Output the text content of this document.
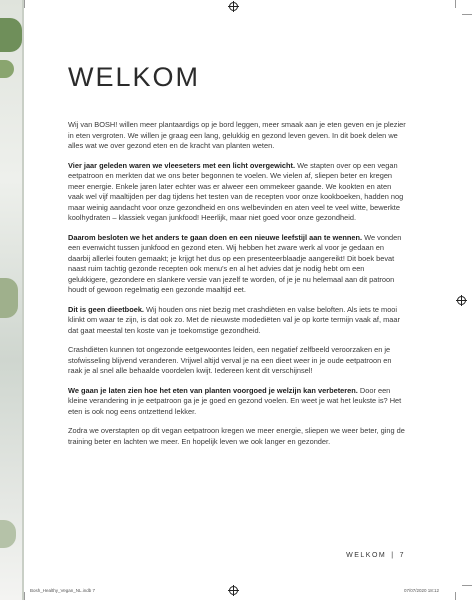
WELKOM

Wij van BOSH! willen meer plantaardigs op je bord leggen, meer smaak aan je eten geven en je plezier in eten vergroten. We willen je graag een lang, gelukkig en gezond leven geven. In dit boek delen we alles wat we over gezond eten en de kracht van planten weten.

Vier jaar geleden waren we vleeseters met een licht overgewicht. We stapten over op een vegan eetpatroon en merkten dat we ons beter begonnen te voelen. We vielen af, sliepen beter en kregen meer energie. Enkele jaren later echter was er alweer een ommekeer gaande. We kookten en aten vaak wel vijf maaltijden per dag tijdens het testen van de recepten voor onze kookboeken, hadden nog maar weinig aandacht voor onze gezondheid en ons welbevinden en aten veel te veel witte, bewerkte koolhydraten – klassiek vegan junkfood! Heerlijk, maar niet goed voor onze gezondheid.

Daarom besloten we het anders te gaan doen en een nieuwe leefstijl aan te wennen. We vonden een evenwicht tussen junkfood en gezond eten. Wij hebben het zware werk al voor je gedaan en daarbij allerlei fouten gemaakt; je krijgt het dus op een presenteerblaadje aangereikt! Dit boek bevat naast ruim tachtig gezonde recepten ook menu's en al het advies dat je nodig hebt om een gelukkigere, gezondere en slankere versie van jezelf te worden, of je je nu helemaal aan dit patroon houdt of gewoon regelmatig een gezonde maaltijd eet.

Dit is geen dieetboek. Wij houden ons niet bezig met crashdiëten en valse beloften. Als iets te mooi klinkt om waar te zijn, is dat ook zo. Met de nieuwste modediëten val je op korte termijn vaak af, maar dat gaat meestal ten koste van je toekomstige gezondheid.

Crashdiëten kunnen tot ongezonde eetgewoontes leiden, een negatief zelfbeeld veroorzaken en je stofwisseling blijvend veranderen. Vrijwel altijd verval je na een dieet weer in je oude eetpatroon en raak je al snel alle behaalde voordelen kwijt. Iedereen kent dit verschijnsel!

We gaan je laten zien hoe het eten van planten voorgoed je welzijn kan verbeteren. Door een kleine verandering in je eetpatroon ga je je goed en gezond voelen. En weet je wat het leukste is? Het eten is ook nog eens ontzettend lekker.

Zodra we overstapten op dit vegan eetpatroon kregen we meer energie, sliepen we weer beter, ging de training beter en lachten we meer. En hopelijk leven we ook langer en gezonder.

WELKOM | 7
Bosh_Healthy_Vegan_NL.indb 7	07/07/2020 18:12
